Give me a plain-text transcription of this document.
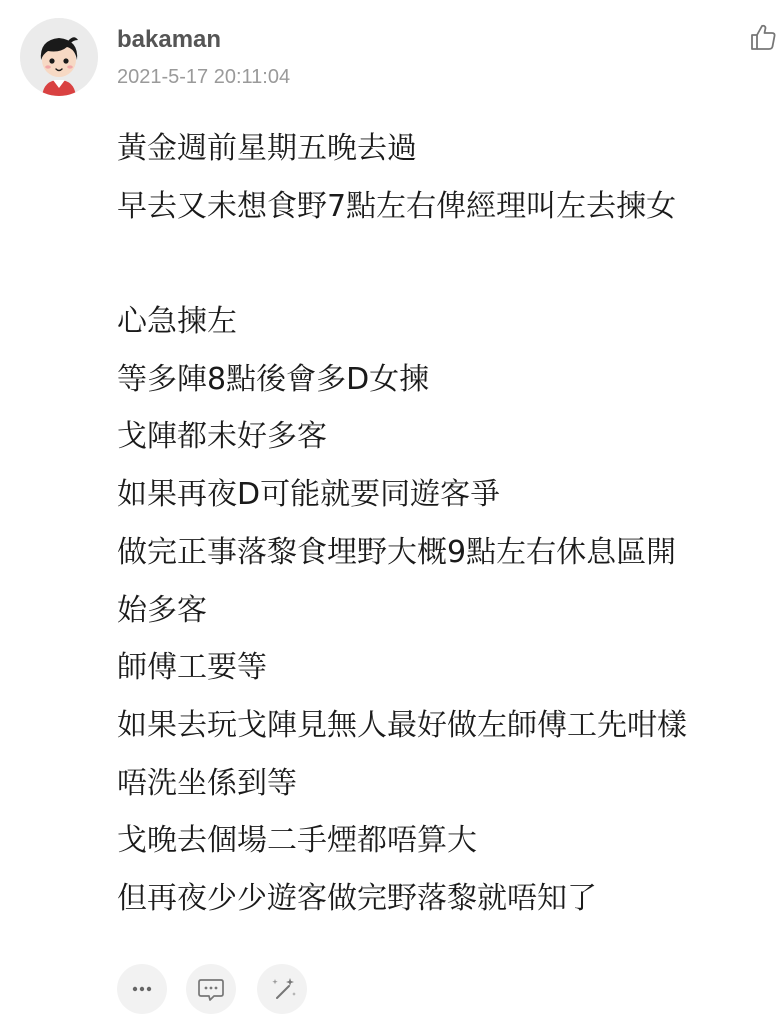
bakaman
2021-5-17 20:11:04
黃金週前星期五晚去過
早去又未想食野7點左右俾經理叫左去揀女
心急揀左
等多陣8點後會多D女揀
戈陣都未好多客
如果再夜D可能就要同遊客爭
做完正事落黎食埋野大概9點左右休息區開
始多客
師傅工要等
如果去玩戈陣見無人最好做左師傅工先咁樣
唔洗坐係到等
戈晚去個場二手煙都唔算大
但再夜少少遊客做完野落黎就唔知了
